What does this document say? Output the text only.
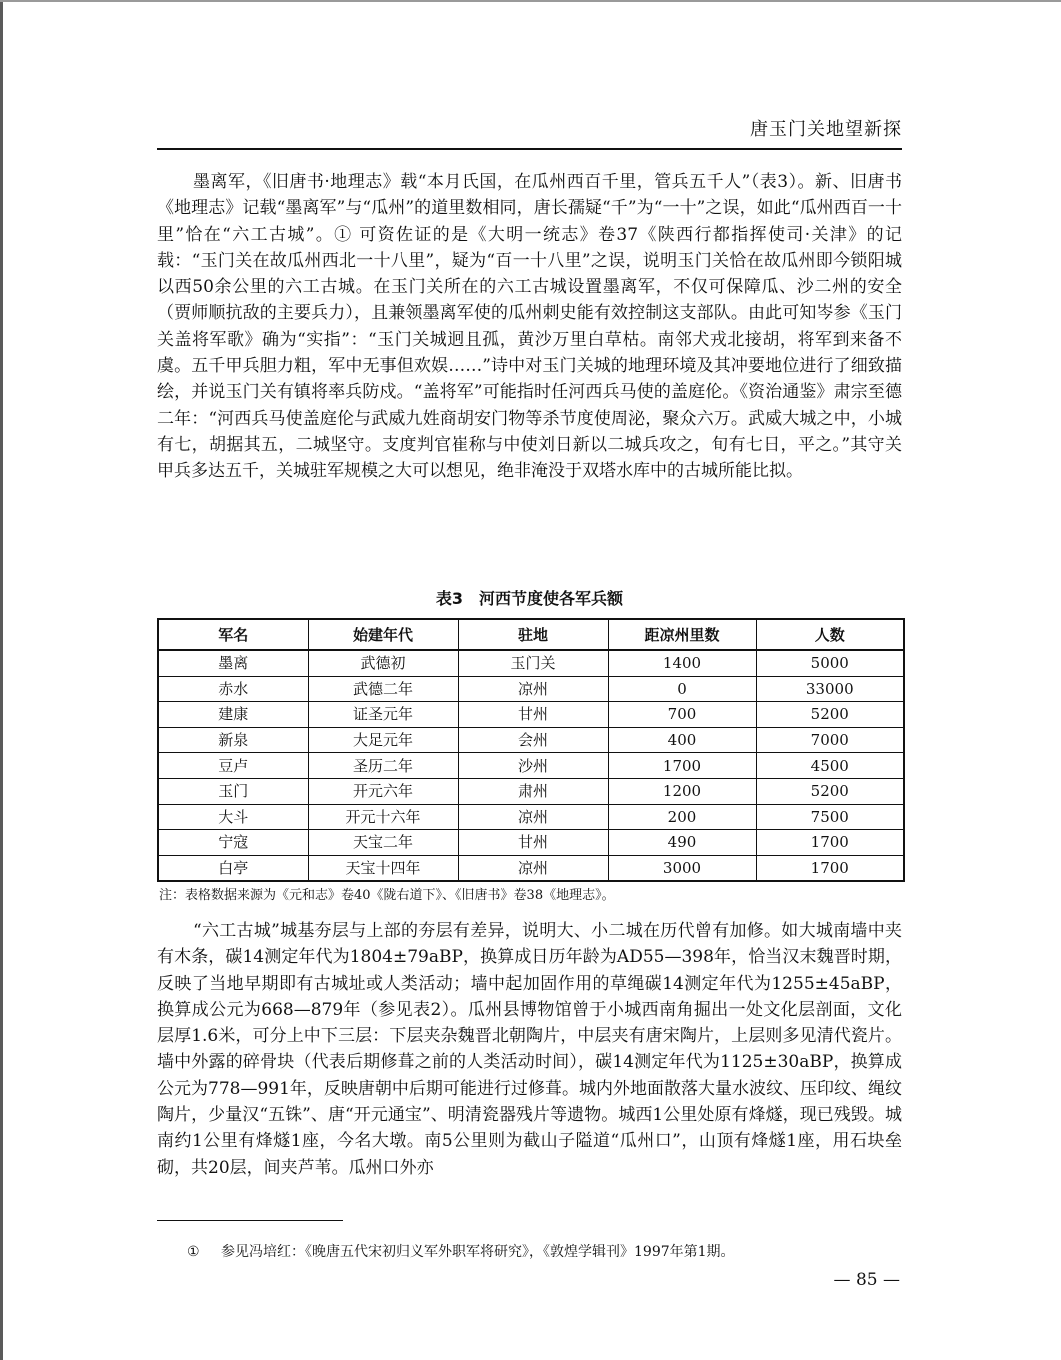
唐玉门关地望新探

墨离军，《旧唐书·地理志》载“本月氏国，在瓜州西百千里，管兵五千人”（表3）。新、旧唐书《地理志》记载“墨离军”与“瓜州”的道里数相同，唐长孺疑“千”为“一十”之误，如此“瓜州西百一十里”恰在“六工古城”。① 可资佐证的是《大明一统志》卷37《陕西行都指挥使司·关津》的记载：“玉门关在故瓜州西北一十八里”，疑为“百一十八里”之误，说明玉门关恰在故瓜州即今锁阳城以西50余公里的六工古城。在玉门关所在的六工古城设置墨离军，不仅可保障瓜、沙二州的安全（贾师顺抗敌的主要兵力），且兼领墨离军使的瓜州刺史能有效控制这支部队。由此可知岑参《玉门关盖将军歌》确为“实指”：“玉门关城迥且孤，黄沙万里白草枯。南邻犬戎北接胡，将军到来备不虞。五千甲兵胆力粗，军中无事但欢娱……”诗中对玉门关城的地理环境及其冲要地位进行了细致描绘，并说玉门关有镇将率兵防戍。“盖将军”可能指时任河西兵马使的盖庭伦。《资治通鉴》肃宗至德二年：“河西兵马使盖庭伦与武威九姓商胡安门物等杀节度使周泌，聚众六万。武威大城之中，小城有七，胡据其五，二城坚守。支度判官崔称与中使刘日新以二城兵攻之，旬有七日，平之。”其守关甲兵多达五千，关城驻军规模之大可以想见，绝非淹没于双塔水库中的古城所能比拟。

表3　河西节度使各军兵额
军名	始建年代	驻地	距凉州里数	人数
墨离	武德初	玉门关	1400	5000
赤水	武德二年	凉州	0	33000
建康	证圣元年	甘州	700	5200
新泉	大足元年	会州	400	7000
豆卢	圣历二年	沙州	1700	4500
玉门	开元六年	肃州	1200	5200
大斗	开元十六年	凉州	200	7500
宁寇	天宝二年	甘州	490	1700
白亭	天宝十四年	凉州	3000	1700
注：表格数据来源为《元和志》卷40《陇右道下》、《旧唐书》卷38《地理志》。

“六工古城”城基夯层与上部的夯层有差异，说明大、小二城在历代曾有加修。如大城南墙中夹有木条，碳14测定年代为1804±79aBP，换算成日历年龄为AD55—398年，恰当汉末魏晋时期，反映了当地早期即有古城址或人类活动；墙中起加固作用的草绳碳14测定年代为1255±45aBP，换算成公元为668—879年（参见表2）。瓜州县博物馆曾于小城西南角掘出一处文化层剖面，文化层厚1.6米，可分上中下三层：下层夹杂魏晋北朝陶片，中层夹有唐宋陶片，上层则多见清代瓷片。墙中外露的碎骨块（代表后期修葺之前的人类活动时间），碳14测定年代为1125±30aBP，换算成公元为778—991年，反映唐朝中后期可能进行过修葺。城内外地面散落大量水波纹、压印纹、绳纹陶片，少量汉“五铢”、唐“开元通宝”、明清瓷器残片等遗物。城西1公里处原有烽燧，现已残毁。城南约1公里有烽燧1座，今名大墩。南5公里则为截山子隘道“瓜州口”，山顶有烽燧1座，用石块垒砌，共20层，间夹芦苇。瓜州口外亦

① 参见冯培红：《晚唐五代宋初归义军外职军将研究》，《敦煌学辑刊》1997年第1期。
— 85 —
